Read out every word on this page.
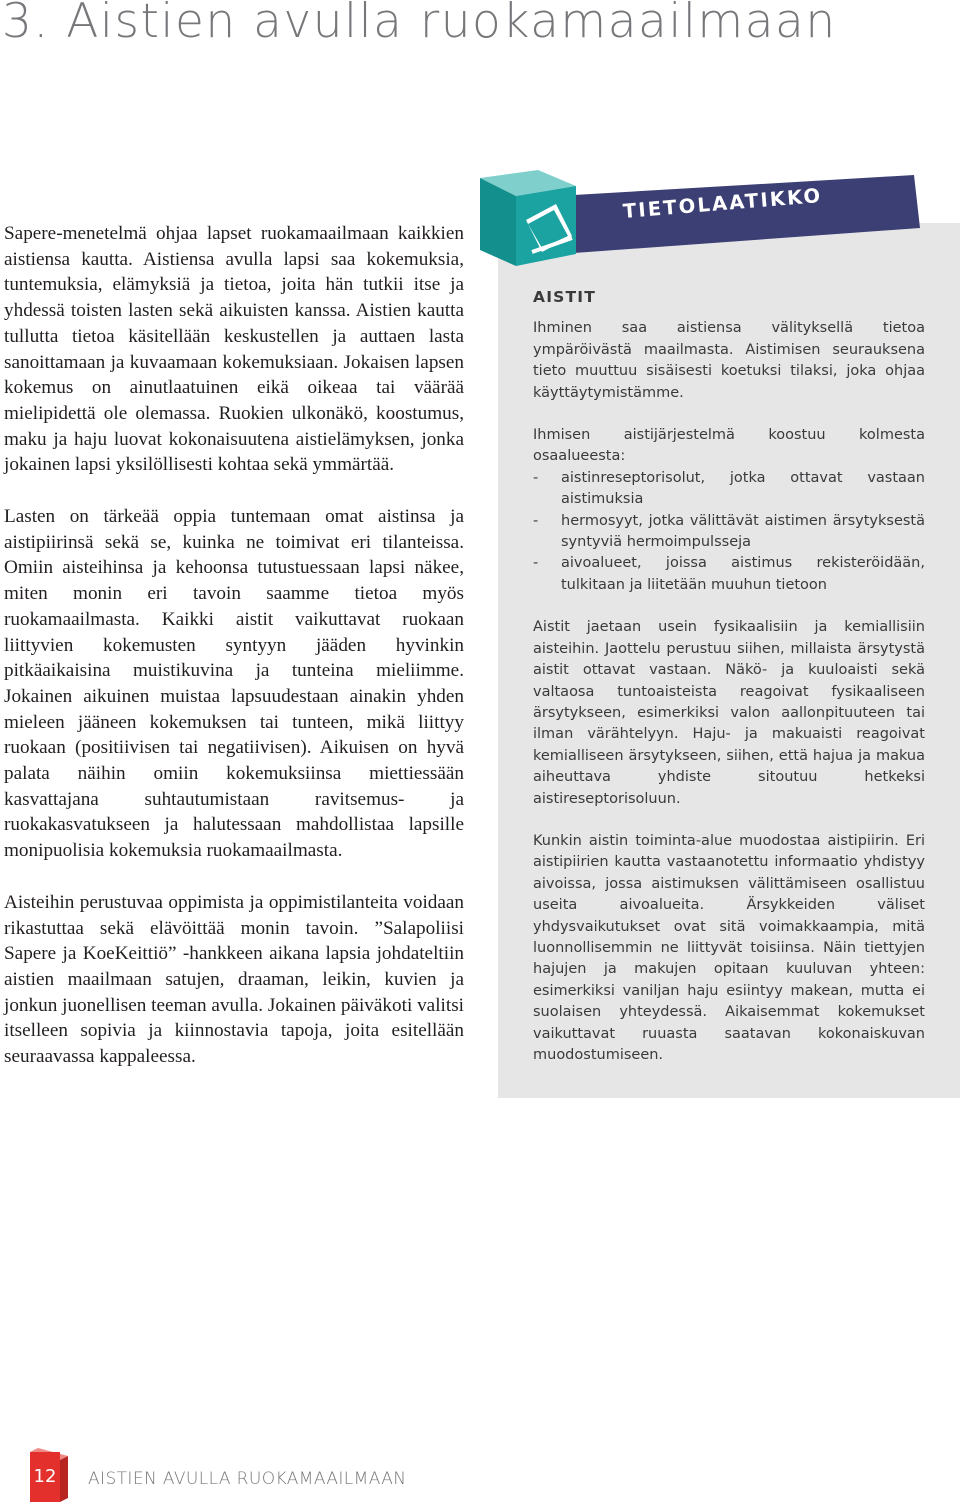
3. Aistien avulla ruokamaailmaan

Sapere-menetelmä ohjaa lapset ruokamaailmaan kaikkien aistiensa kautta. Aistiensa avulla lapsi saa kokemuksia, tuntemuksia, elämyksiä ja tietoa, joita hän tutkii itse ja yhdessä toisten lasten sekä aikuisten kanssa. Aistien kautta tullutta tietoa käsitellään keskustellen ja auttaen lasta sanoittamaan ja kuvaamaan kokemuksiaan. Jokaisen lapsen kokemus on ainutlaatuinen eikä oikeaa tai väärää mielipidettä ole olemassa. Ruokien ulkonäkö, koostumus, maku ja haju luovat kokonaisuutena aistielämyksen, jonka jokainen lapsi yksilöllisesti kohtaa sekä ymmärtää.

Lasten on tärkeää oppia tuntemaan omat aistinsa ja aistipiirinsä sekä se, kuinka ne toimivat eri tilanteissa. Omiin aisteihinsa ja kehoonsa tutustuessaan lapsi näkee, miten monin eri tavoin saamme tietoa myös ruokamaailmasta. Kaikki aistit vaikuttavat ruokaan liittyvien kokemusten syntyyn jääden hyvinkin pitkäaikaisina muistikuvina ja tunteina mieliimme. Jokainen aikuinen muistaa lapsuudestaan ainakin yhden mieleen jääneen kokemuksen tai tunteen, mikä liittyy ruokaan (positiivisen tai negatiivisen). Aikuisen on hyvä palata näihin omiin kokemuksiinsa miettiessään kasvattajana suhtautumistaan ravitsemus- ja ruokakasvatukseen ja halutessaan mahdollistaa lapsille monipuolisia kokemuksia ruokamaailmasta.

Aisteihin perustuvaa oppimista ja oppimistilanteita voidaan rikastuttaa sekä elävöittää monin tavoin. ”Salapoliisi Sapere ja KoeKeittiö” -hankkeen aikana lapsia johdateltiin aistien maailmaan satujen, draaman, leikin, kuvien ja jonkun juonellisen teeman avulla. Jokainen päiväkoti valitsi itselleen sopivia ja kiinnostavia tapoja, joita esitellään seuraavassa kappaleessa.

TIETOLAATIKKO
AISTIT

Ihminen saa aistiensa välityksellä tietoa ympäröivästä maailmasta. Aistimisen seurauksena tieto muuttuu sisäisesti koetuksi tilaksi, joka ohjaa käyttäytymistämme.

Ihmisen aistijärjestelmä koostuu kolmesta osaalueesta:

- aistinreseptorisolut, jotka ottavat vastaan aistimuksia
- hermosyyt, jotka välittävät aistimen ärsytyksestä syntyviä hermoimpulsseja
- aivoalueet, joissa aistimus rekisteröidään, tulkitaan ja liitetään muuhun tietoon

Aistit jaetaan usein fysikaalisiin ja kemiallisiin aisteihin. Jaottelu perustuu siihen, millaista ärsytystä aistit ottavat vastaan. Näkö- ja kuuloaisti sekä valtaosa tuntoaisteista reagoivat fysikaaliseen ärsytykseen, esimerkiksi valon aallonpituuteen tai ilman värähtelyyn. Haju- ja makuaisti reagoivat kemialliseen ärsytykseen, siihen, että hajua ja makua aiheuttava yhdiste sitoutuu hetkeksi aistireseptorisoluun.

Kunkin aistin toiminta-alue muodostaa aistipiirin. Eri aistipiirien kautta vastaanotettu informaatio yhdistyy aivoissa, jossa aistimuksen välittämiseen osallistuu useita aivoalueita. Ärsykkeiden väliset yhdysvaikutukset ovat sitä voimakkaampia, mitä luonnollisemmin ne liittyvät toisiinsa. Näin tiettyjen hajujen ja makujen opitaan kuuluvan yhteen: esimerkiksi vaniljan haju esiintyy makean, mutta ei suolaisen yhteydessä. Aikaisemmat kokemukset vaikuttavat ruuasta saatavan kokonaiskuvan muodostumiseen.

12 AISTIEN AVULLA RUOKAMAAILMAAN
